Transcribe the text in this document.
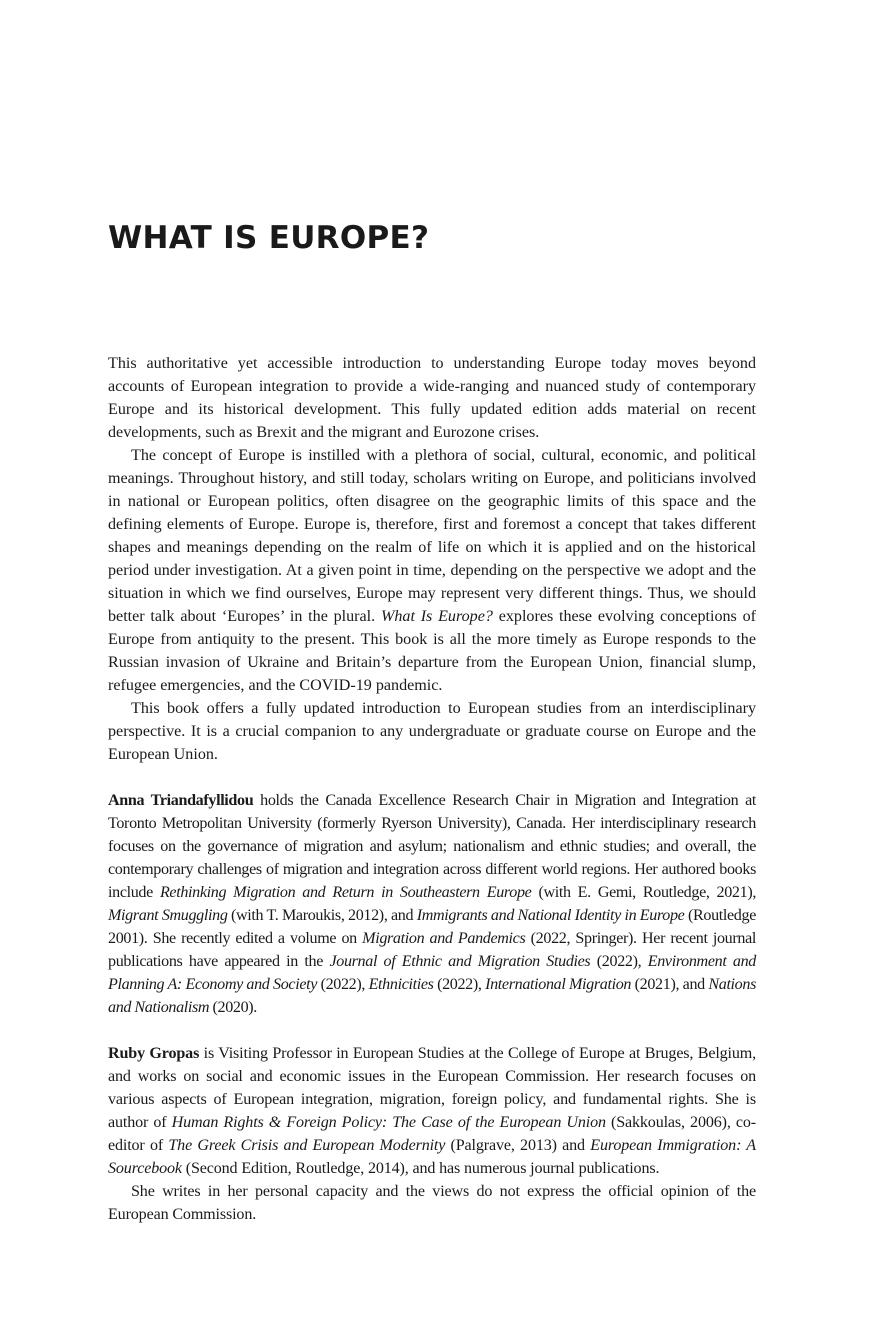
WHAT IS EUROPE?

This authoritative yet accessible introduction to understanding Europe today moves beyond accounts of European integration to provide a wide-ranging and nuanced study of contemporary Europe and its historical development. This fully updated edition adds material on recent developments, such as Brexit and the migrant and Eurozone crises.

The concept of Europe is instilled with a plethora of social, cultural, economic, and political meanings. Throughout history, and still today, scholars writing on Europe, and politicians involved in national or European politics, often disagree on the geographic limits of this space and the defining elements of Europe. Europe is, therefore, first and foremost a concept that takes different shapes and meanings depending on the realm of life on which it is applied and on the historical period under investigation. At a given point in time, depending on the perspective we adopt and the situation in which we find ourselves, Europe may represent very different things. Thus, we should better talk about ‘Europes’ in the plural. What Is Europe? explores these evolving conceptions of Europe from antiquity to the present. This book is all the more timely as Europe responds to the Russian invasion of Ukraine and Britain’s departure from the European Union, financial slump, refugee emergencies, and the COVID-19 pandemic.

This book offers a fully updated introduction to European studies from an interdisciplinary perspective. It is a crucial companion to any undergraduate or graduate course on Europe and the European Union.

Anna Triandafyllidou holds the Canada Excellence Research Chair in Migration and Integration at Toronto Metropolitan University (formerly Ryerson University), Canada. Her interdisciplinary research focuses on the governance of migration and asylum; nationalism and ethnic studies; and overall, the contemporary challenges of migration and integration across different world regions. Her authored books include Rethinking Migration and Return in Southeastern Europe (with E. Gemi, Routledge, 2021), Migrant Smuggling (with T. Maroukis, 2012), and Immigrants and National Identity in Europe (Routledge 2001). She recently edited a volume on Migration and Pandemics (2022, Springer). Her recent journal publications have appeared in the Journal of Ethnic and Migration Studies (2022), Environment and Planning A: Economy and Society (2022), Ethnicities (2022), International Migration (2021), and Nations and Nationalism (2020).

Ruby Gropas is Visiting Professor in European Studies at the College of Europe at Bruges, Belgium, and works on social and economic issues in the European Commission. Her research focuses on various aspects of European integration, migration, foreign policy, and fundamental rights. She is author of Human Rights & Foreign Policy: The Case of the European Union (Sakkoulas, 2006), co-editor of The Greek Crisis and European Modernity (Palgrave, 2013) and European Immigration: A Sourcebook (Second Edition, Routledge, 2014), and has numerous journal publications.

She writes in her personal capacity and the views do not express the official opinion of the European Commission.
